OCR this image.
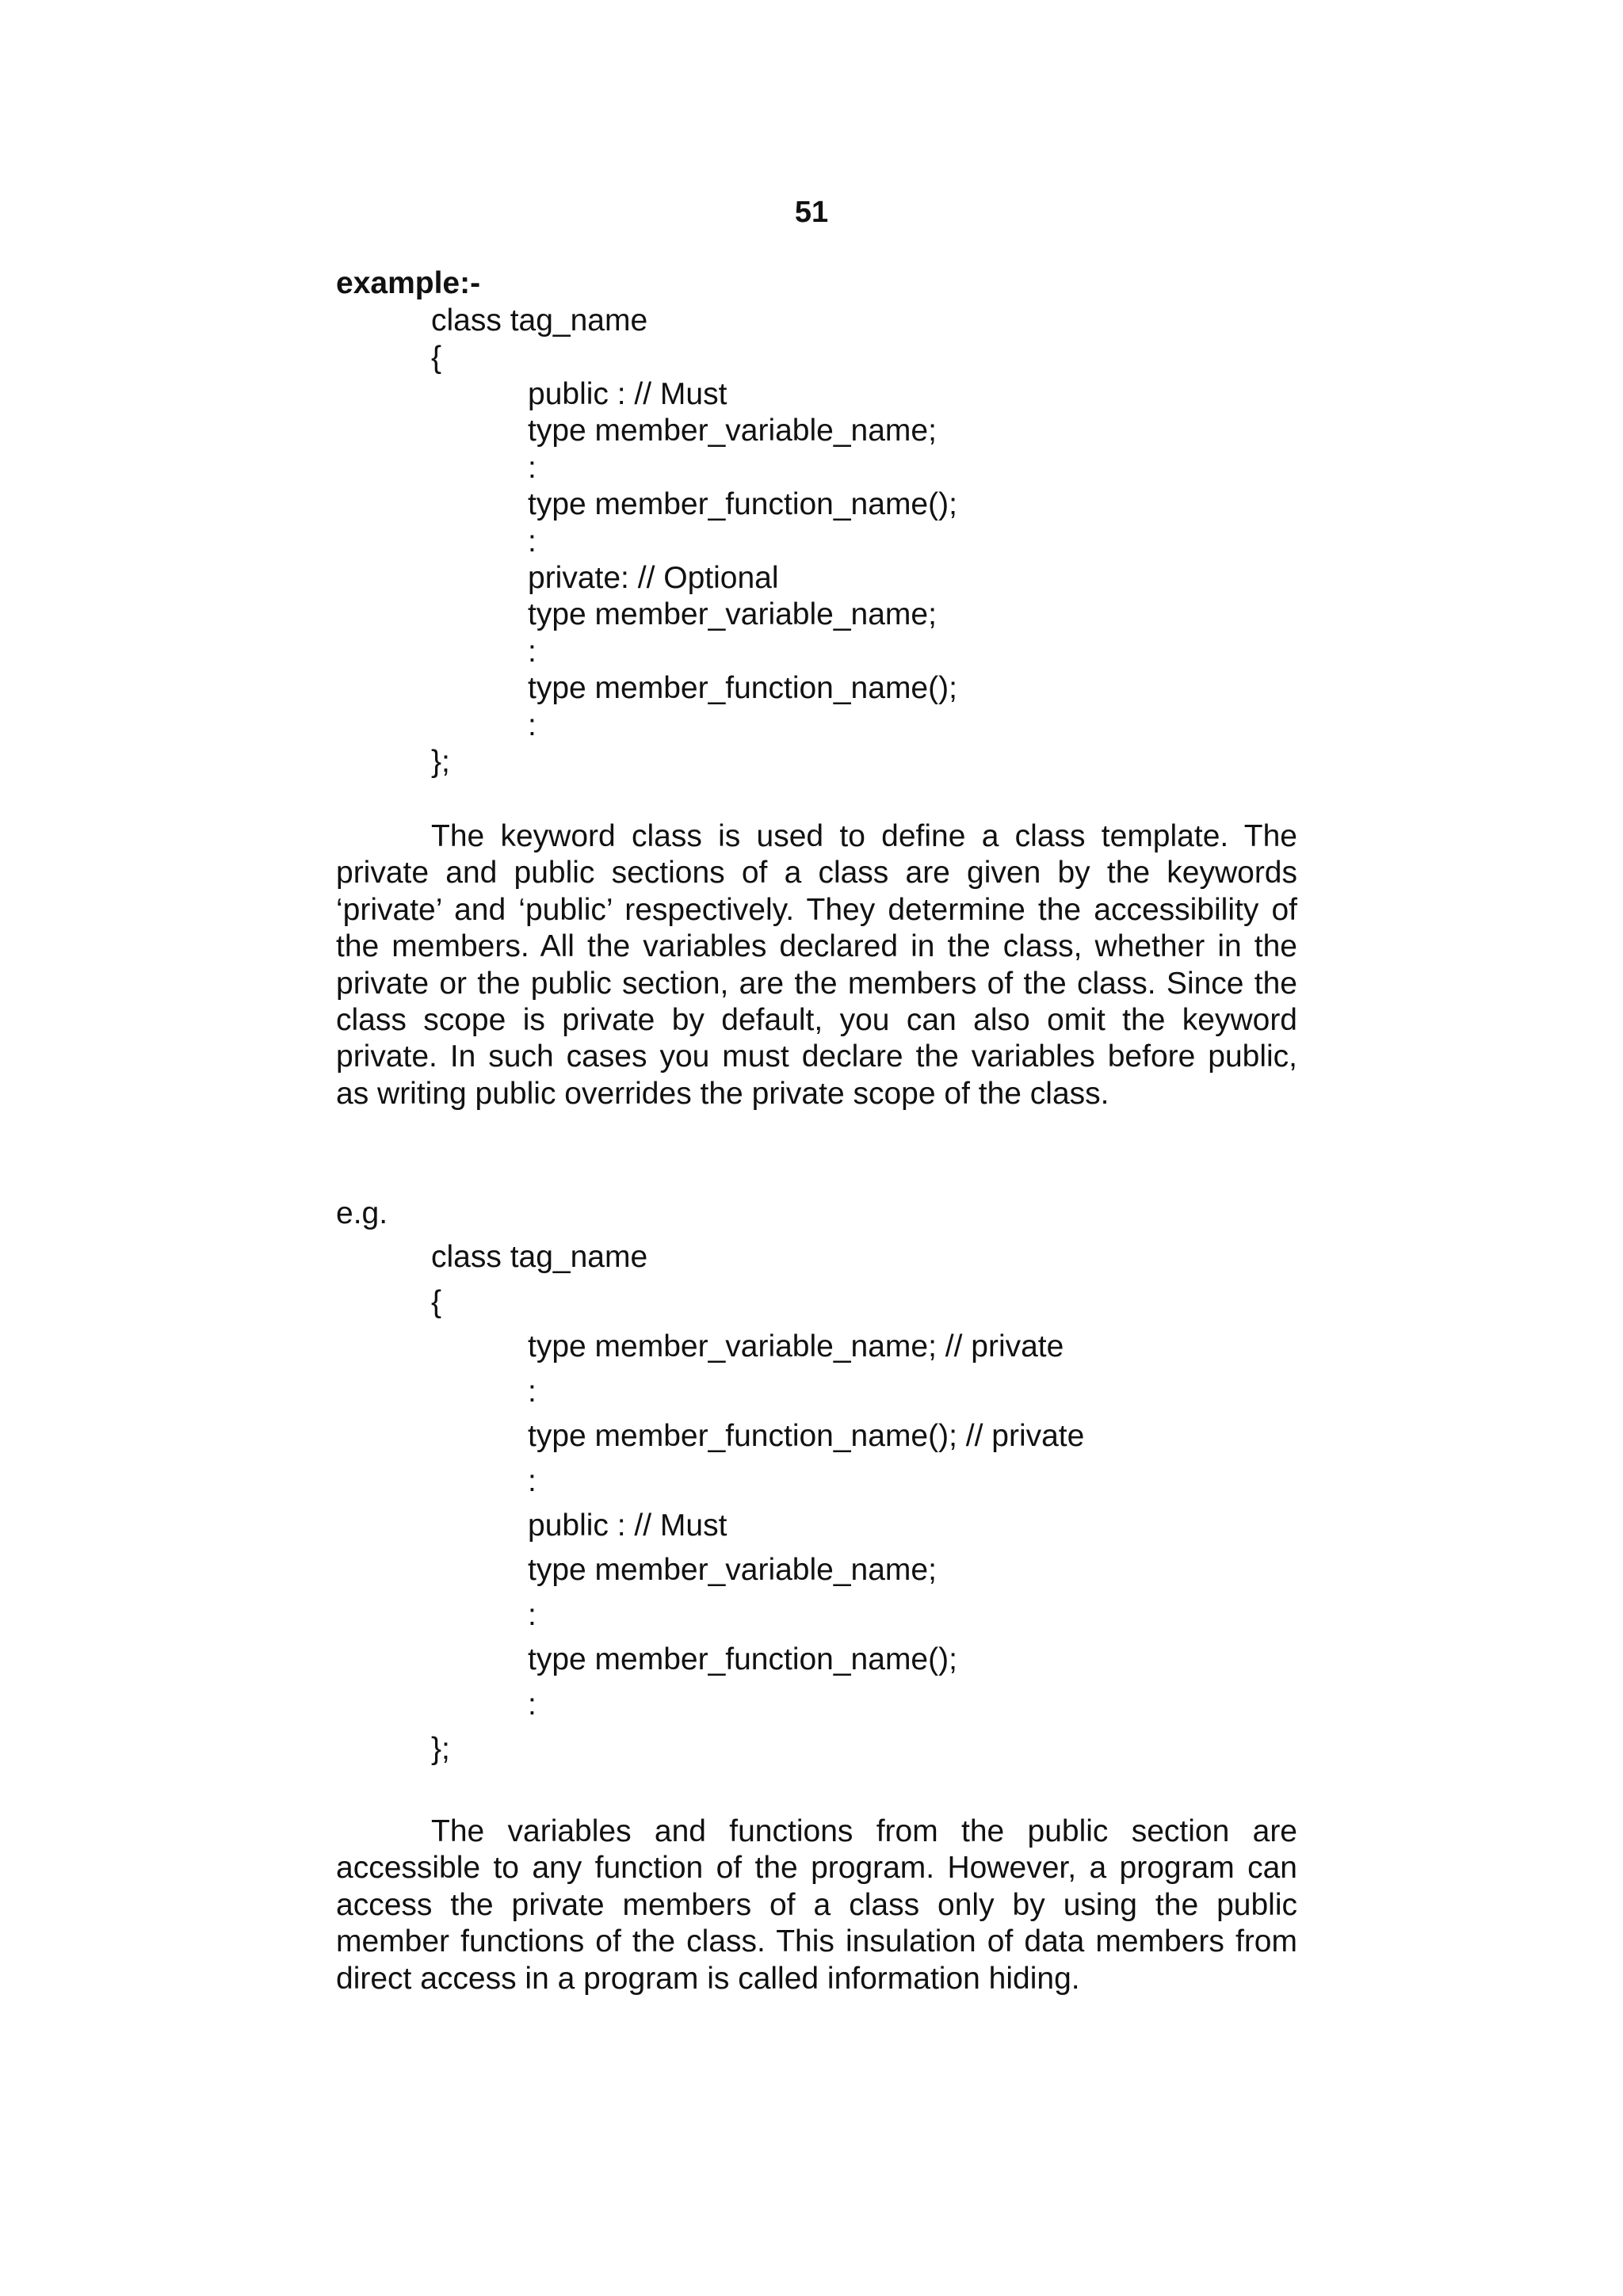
51
example:-
class tag_name
{
public : // Must
type member_variable_name;
:
type member_function_name();
:
private: // Optional
type member_variable_name;
:
type member_function_name();
:
};

The keyword class is used to define a class template. The private and public sections of a class are given by the keywords ‘private’ and ‘public’ respectively. They determine the accessibility of the members. All the variables declared in the class, whether in the private or the public section, are the members of the class. Since the class scope is private by default, you can also omit the keyword private. In such cases you must declare the variables before public, as writing public overrides the private scope of the class.

e.g.
class tag_name
{
type member_variable_name; // private
:
type member_function_name(); // private
:
public : // Must
type member_variable_name;
:
type member_function_name();
:
};

The variables and functions from the public section are accessible to any function of the program. However, a program can access the private members of a class only by using the public member functions of the class. This insulation of data members from direct access in a program is called information hiding.
